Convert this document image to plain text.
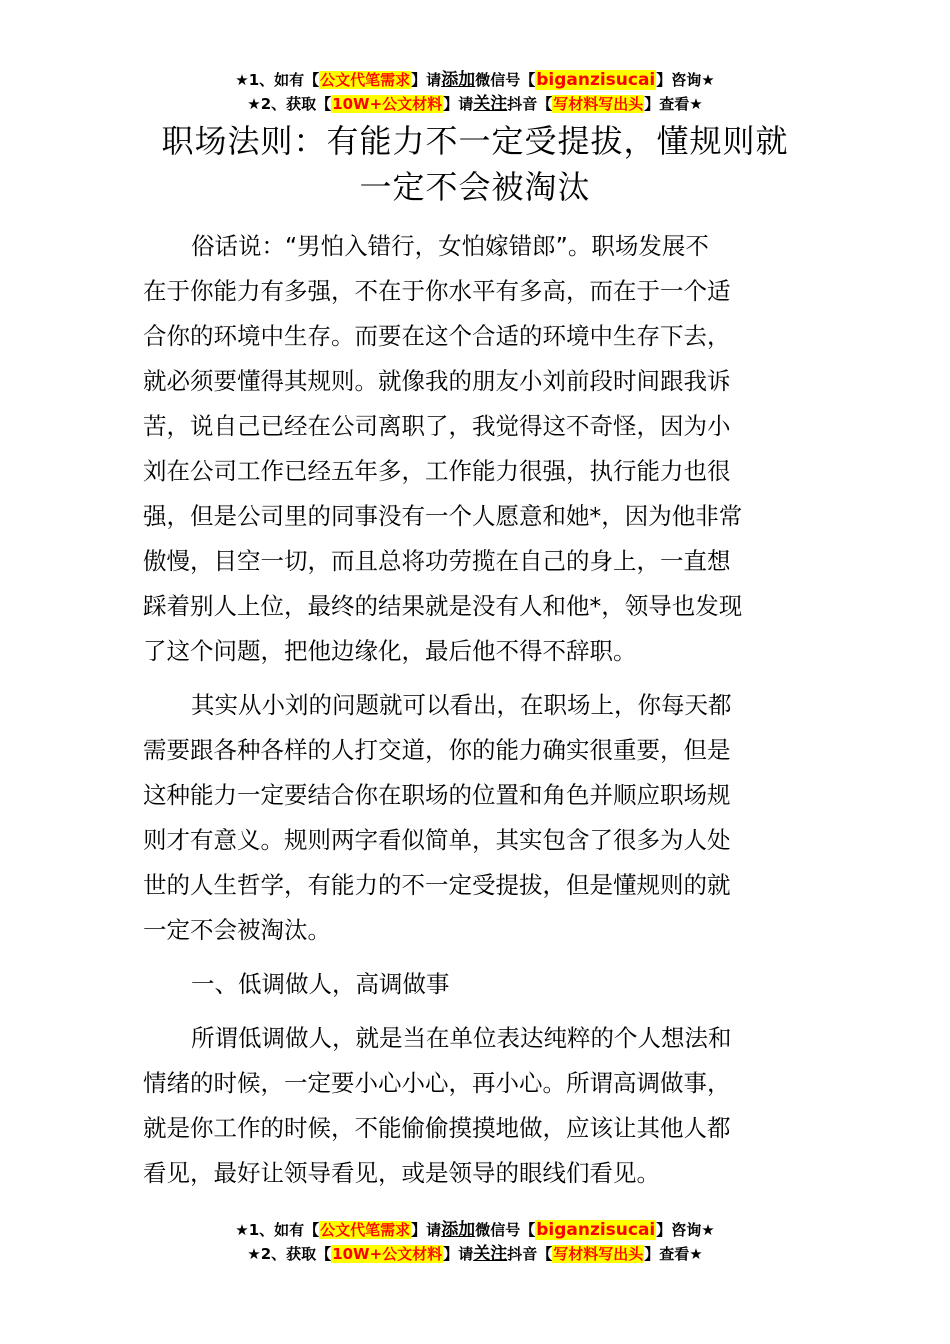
★1、如有【公文代笔需求】请添加微信号【biganzisucai】咨询★
★2、获取【10W+公文材料】请关注抖音【写材料写出头】查看★
职场法则：有能力不一定受提拔，懂规则就
一定不会被淘汰
俗话说：“男怕入错行，女怕嫁错郎”。职场发展不
在于你能力有多强，不在于你水平有多高，而在于一个适
合你的环境中生存。而要在这个合适的环境中生存下去，
就必须要懂得其规则。就像我的朋友小刘前段时间跟我诉
苦，说自己已经在公司离职了，我觉得这不奇怪，因为小
刘在公司工作已经五年多，工作能力很强，执行能力也很
强，但是公司里的同事没有一个人愿意和她*，因为他非常
傲慢，目空一切，而且总将功劳揽在自己的身上，一直想
踩着别人上位，最终的结果就是没有人和他*，领导也发现
了这个问题，把他边缘化，最后他不得不辞职。
其实从小刘的问题就可以看出，在职场上，你每天都
需要跟各种各样的人打交道，你的能力确实很重要，但是
这种能力一定要结合你在职场的位置和角色并顺应职场规
则才有意义。规则两字看似简单，其实包含了很多为人处
世的人生哲学，有能力的不一定受提拔，但是懂规则的就
一定不会被淘汰。
一、低调做人，高调做事
所谓低调做人，就是当在单位表达纯粹的个人想法和
情绪的时候，一定要小心小心，再小心。所谓高调做事，
就是你工作的时候，不能偷偷摸摸地做，应该让其他人都
看见，最好让领导看见，或是领导的眼线们看见。
★1、如有【公文代笔需求】请添加微信号【biganzisucai】咨询★
★2、获取【10W+公文材料】请关注抖音【写材料写出头】查看★
